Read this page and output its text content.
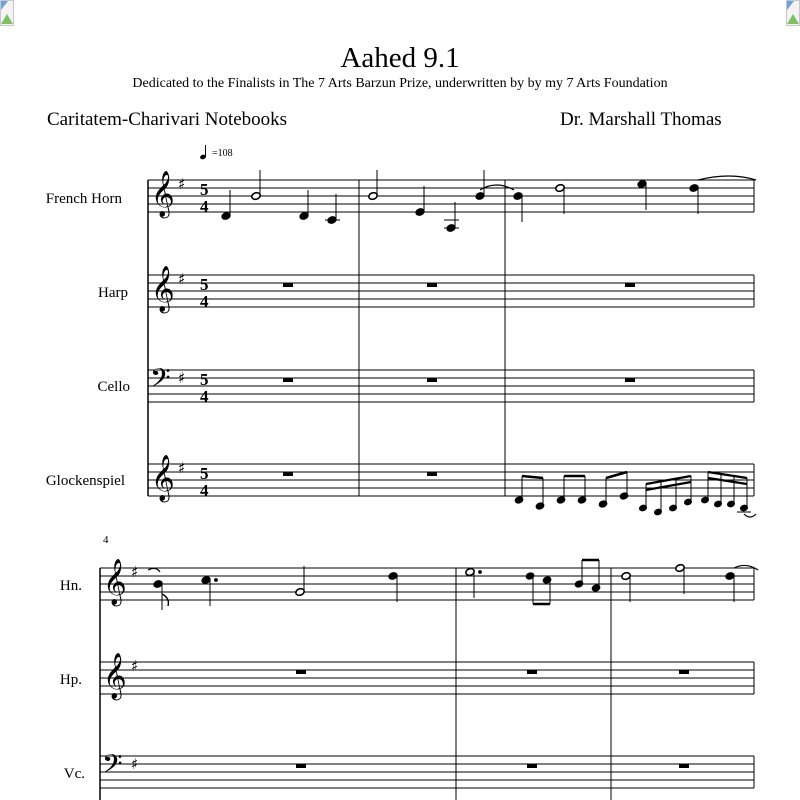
Aahed 9.1
Dedicated to the Finalists in The 7 Arts Barzun Prize, underwritten by by my 7 Arts Foundation
Caritatem-Charivari Notebooks	Dr. Marshall Thomas
French Horn
Harp
Cello
Glockenspiel
Hn.
Hp.
Vc.
4
=108
𝄞
𝄞
𝄢
𝄞
♯
♯
♯
♯
5
4
5
4
5
4
5
4
𝄞
𝄞
𝄢
♯
♯
♯
